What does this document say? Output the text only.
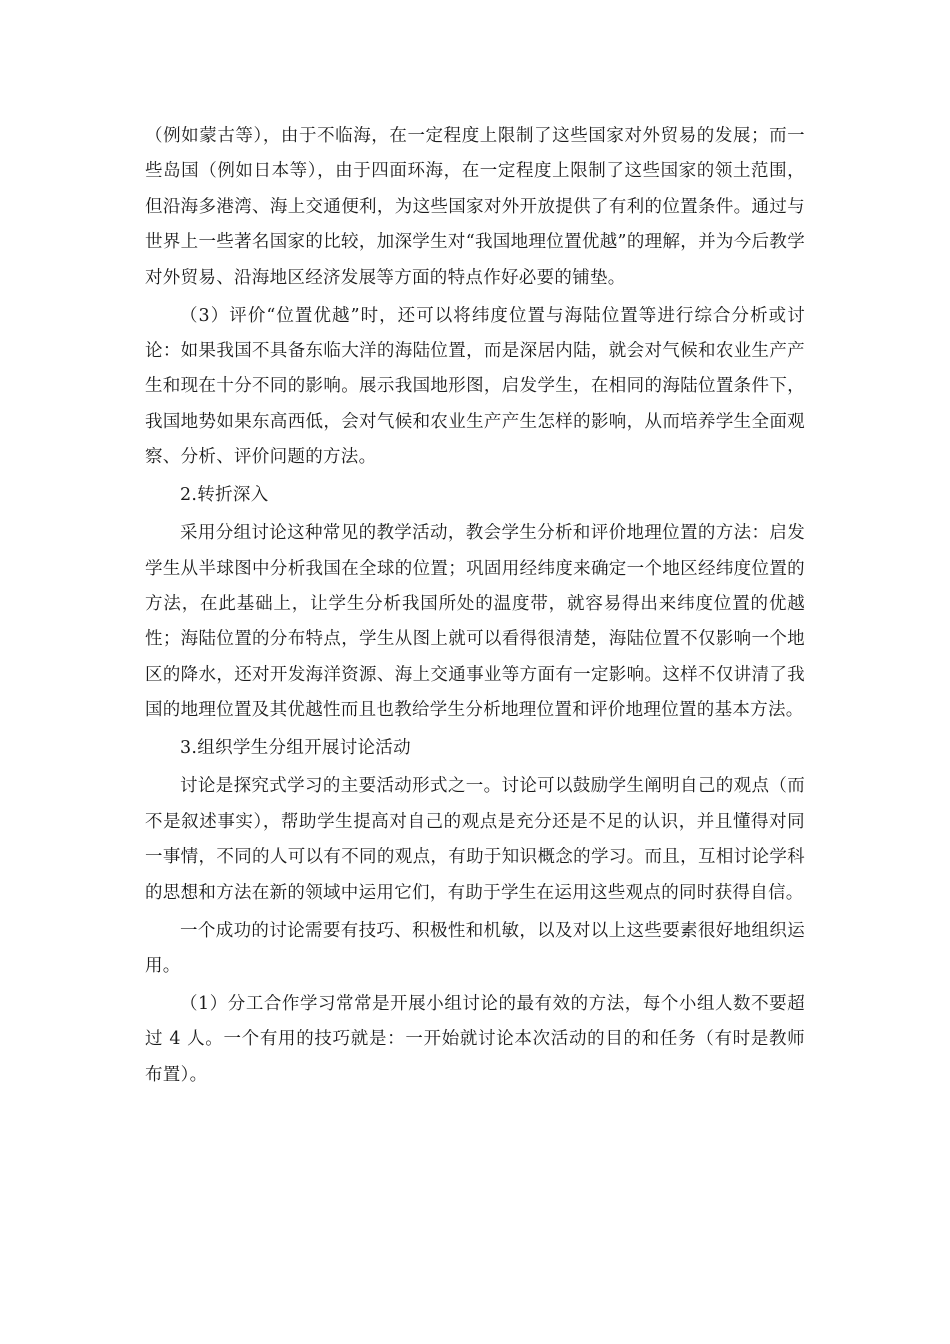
（例如蒙古等），由于不临海，在一定程度上限制了这些国家对外贸易的发展；而一些岛国（例如日本等），由于四面环海，在一定程度上限制了这些国家的领土范围，但沿海多港湾、海上交通便利，为这些国家对外开放提供了有利的位置条件。通过与世界上一些著名国家的比较，加深学生对“我国地理位置优越”的理解，并为今后教学对外贸易、沿海地区经济发展等方面的特点作好必要的铺垫。

（3）评价“位置优越”时，还可以将纬度位置与海陆位置等进行综合分析或讨论：如果我国不具备东临大洋的海陆位置，而是深居内陆，就会对气候和农业生产产生和现在十分不同的影响。展示我国地形图，启发学生，在相同的海陆位置条件下，我国地势如果东高西低，会对气候和农业生产产生怎样的影响，从而培养学生全面观察、分析、评价问题的方法。

2.转折深入

采用分组讨论这种常见的教学活动，教会学生分析和评价地理位置的方法：启发学生从半球图中分析我国在全球的位置；巩固用经纬度来确定一个地区经纬度位置的方法，在此基础上，让学生分析我国所处的温度带，就容易得出来纬度位置的优越性；海陆位置的分布特点，学生从图上就可以看得很清楚，海陆位置不仅影响一个地区的降水，还对开发海洋资源、海上交通事业等方面有一定影响。这样不仅讲清了我国的地理位置及其优越性而且也教给学生分析地理位置和评价地理位置的基本方法。

3.组织学生分组开展讨论活动

讨论是探究式学习的主要活动形式之一。讨论可以鼓励学生阐明自己的观点（而不是叙述事实），帮助学生提高对自己的观点是充分还是不足的认识，并且懂得对同一事情，不同的人可以有不同的观点，有助于知识概念的学习。而且，互相讨论学科的思想和方法在新的领域中运用它们，有助于学生在运用这些观点的同时获得自信。

一个成功的讨论需要有技巧、积极性和机敏，以及对以上这些要素很好地组织运用。

（1）分工合作学习常常是开展小组讨论的最有效的方法，每个小组人数不要超过 4 人。一个有用的技巧就是：一开始就讨论本次活动的目的和任务（有时是教师布置）。
